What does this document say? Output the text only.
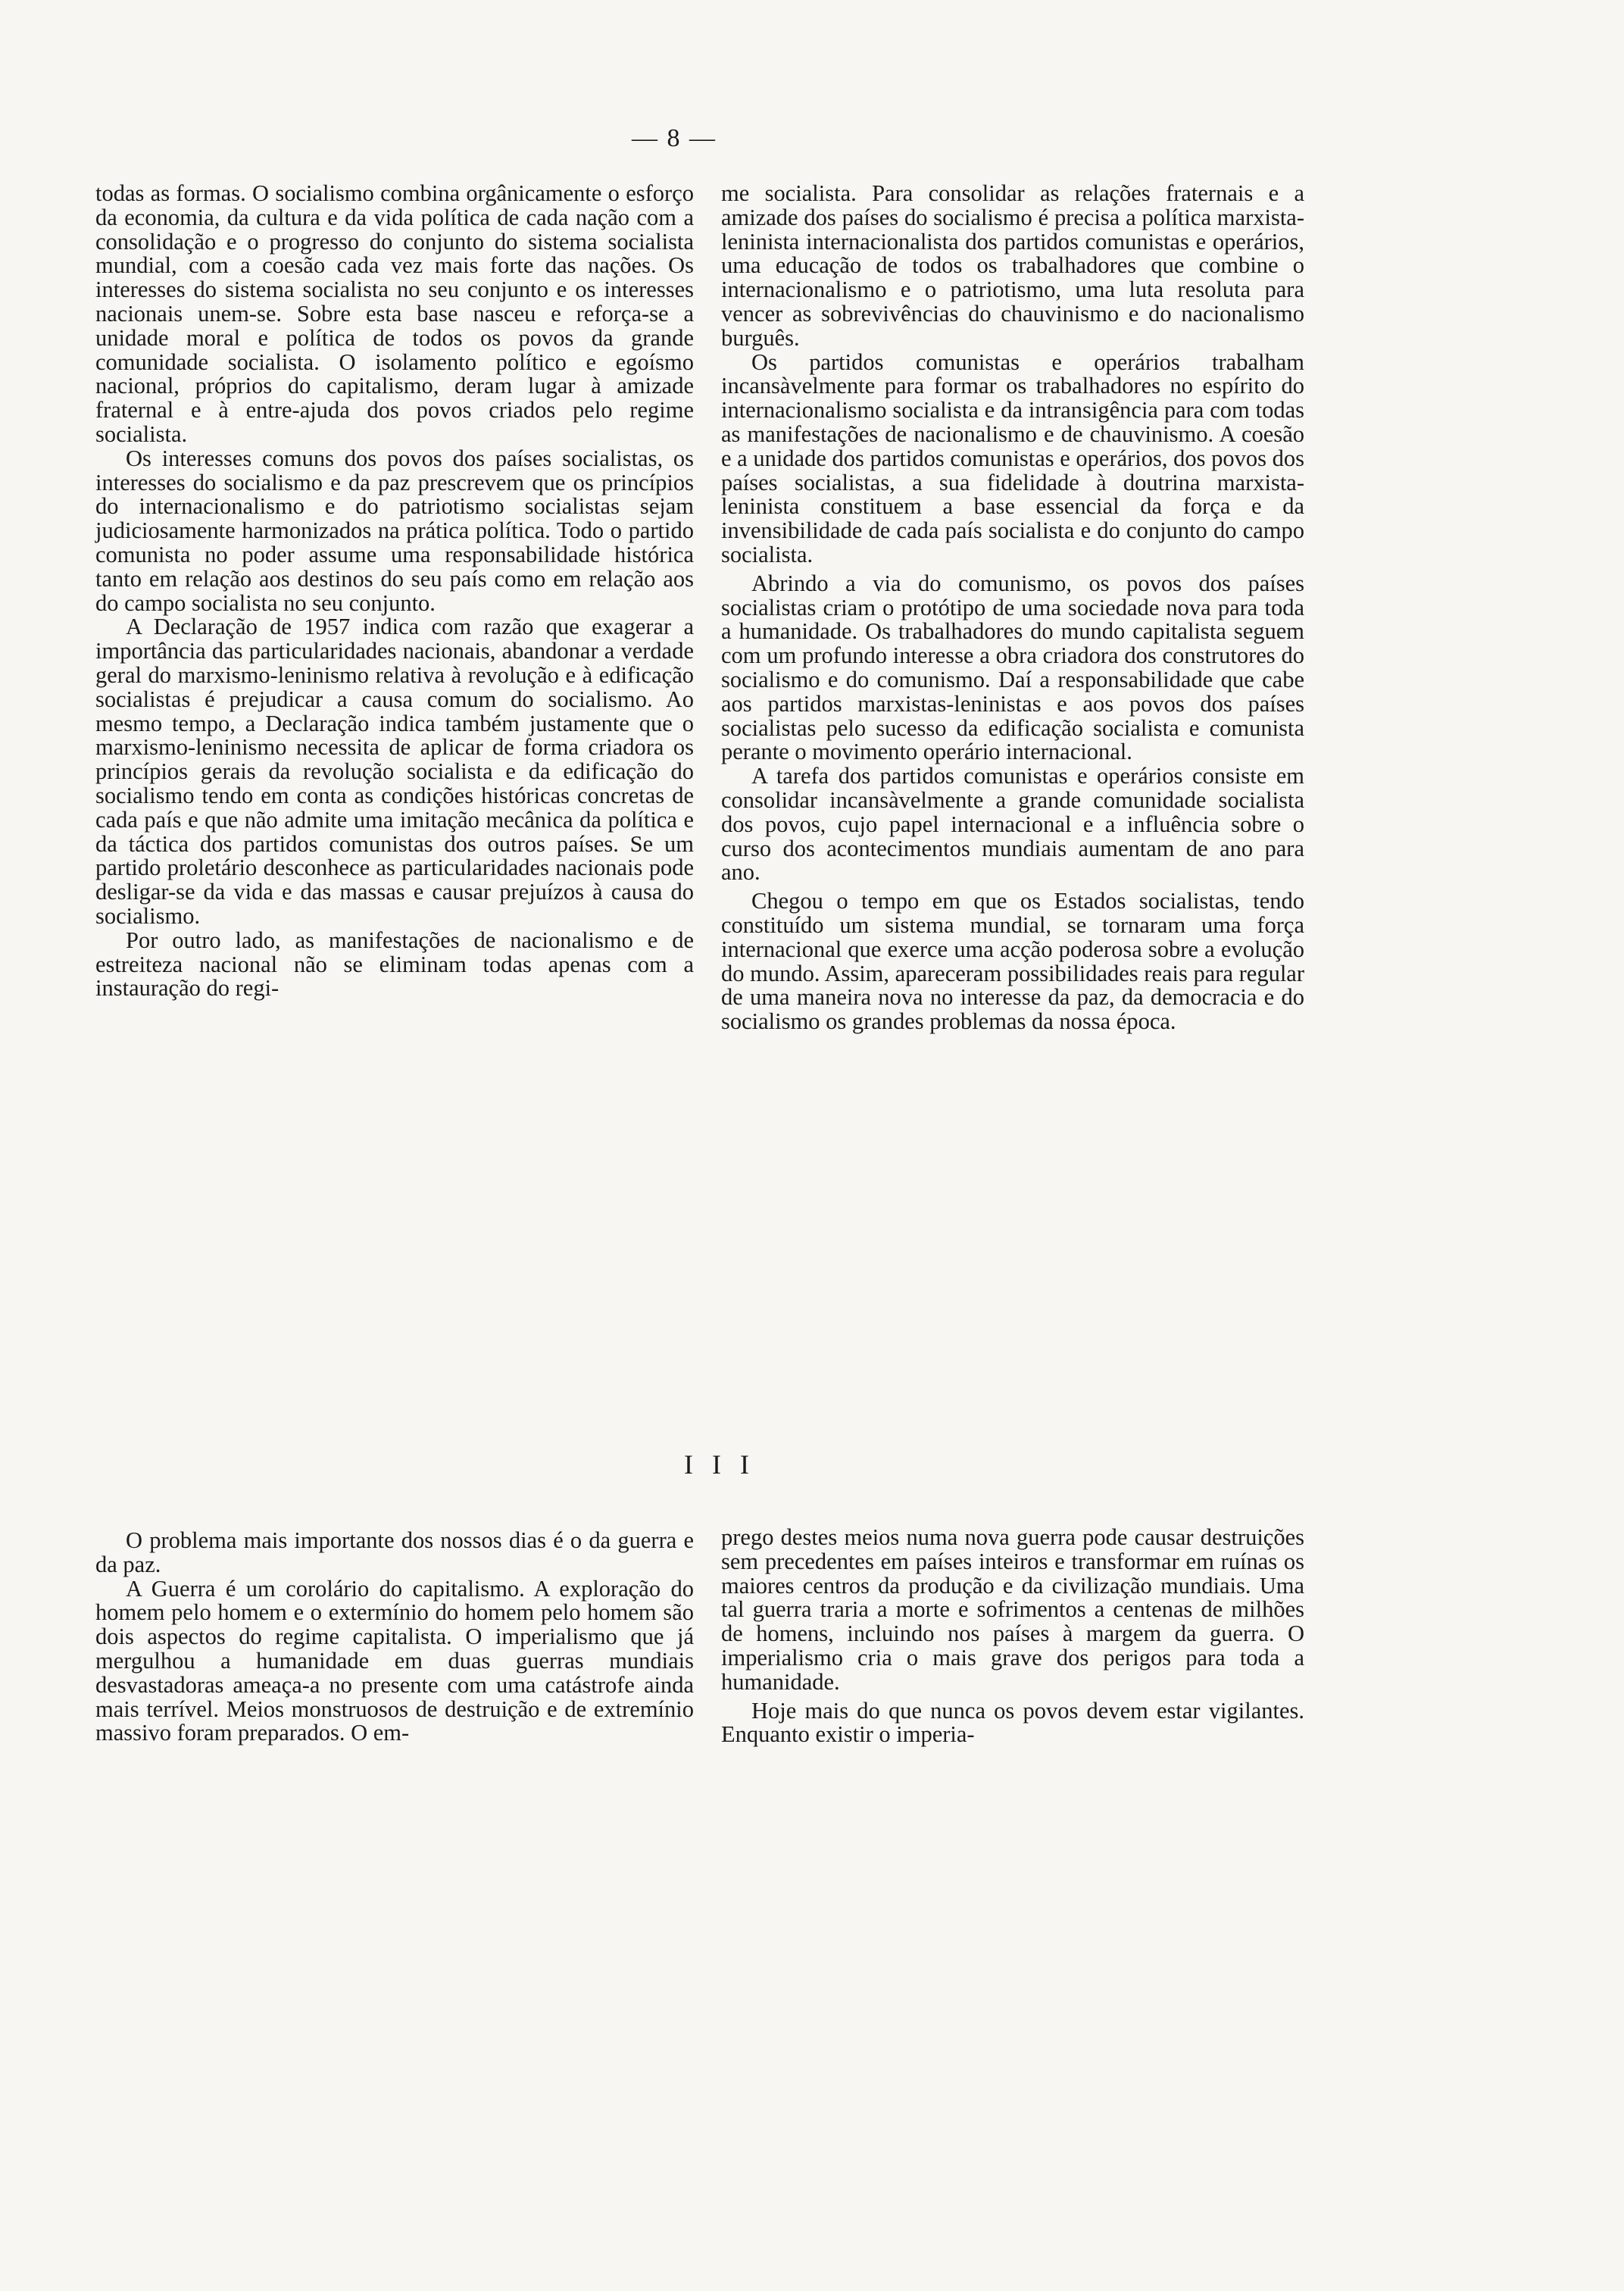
— 8 —

todas as formas. O socialismo combina orgânicamente o esforço da economia, da cultura e da vida política de cada nação com a consolidação e o progresso do conjunto do sistema socialista mundial, com a coesão cada vez mais forte das nações. Os interesses do sistema socialista no seu conjunto e os interesses nacionais unem-se. Sobre esta base nasceu e reforça-se a unidade moral e política de todos os povos da grande comunidade socialista. O isolamento político e egoísmo nacional, próprios do capitalismo, deram lugar à amizade fraternal e à entre-ajuda dos povos criados pelo regime socialista.

Os interesses comuns dos povos dos países socialistas, os interesses do socialismo e da paz prescrevem que os princípios do internacionalismo e do patriotismo socialistas sejam judiciosamente harmonizados na prática política. Todo o partido comunista no poder assume uma responsabilidade histórica tanto em relação aos destinos do seu país como em relação aos do campo socialista no seu conjunto.

A Declaração de 1957 indica com razão que exagerar a importância das particularidades nacionais, abandonar a verdade geral do marxismo-leninismo relativa à revolução e à edificação socialistas é prejudicar a causa comum do socialismo. Ao mesmo tempo, a Declaração indica também justamente que o marxismo-leninismo necessita de aplicar de forma criadora os princípios gerais da revolução socialista e da edificação do socialismo tendo em conta as condições históricas concretas de cada país e que não admite uma imitação mecânica da política e da táctica dos partidos comunistas dos outros países. Se um partido proletário desconhece as particularidades nacionais pode desligar-se da vida e das massas e causar prejuízos à causa do socialismo.

Por outro lado, as manifestações de nacionalismo e de estreiteza nacional não se eliminam todas apenas com a instauração do regi-

me socialista. Para consolidar as relações fraternais e a amizade dos países do socialismo é precisa a política marxista-leninista internacionalista dos partidos comunistas e operários, uma educação de todos os trabalhadores que combine o internacionalismo e o patriotismo, uma luta resoluta para vencer as sobrevivências do chauvinismo e do nacionalismo burguês.

Os partidos comunistas e operários trabalham incansàvelmente para formar os trabalhadores no espírito do internacionalismo socialista e da intransigência para com todas as manifestações de nacionalismo e de chauvinismo. A coesão e a unidade dos partidos comunistas e operários, dos povos dos países socialistas, a sua fidelidade à doutrina marxista-leninista constituem a base essencial da força e da invensibilidade de cada país socialista e do conjunto do campo socialista.

Abrindo a via do comunismo, os povos dos países socialistas criam o protótipo de uma sociedade nova para toda a humanidade. Os trabalhadores do mundo capitalista seguem com um profundo interesse a obra criadora dos construtores do socialismo e do comunismo. Daí a responsabilidade que cabe aos partidos marxistas-leninistas e aos povos dos países socialistas pelo sucesso da edificação socialista e comunista perante o movimento operário internacional.

A tarefa dos partidos comunistas e operários consiste em consolidar incansàvelmente a grande comunidade socialista dos povos, cujo papel internacional e a influência sobre o curso dos acontecimentos mundiais aumentam de ano para ano.

Chegou o tempo em que os Estados socialistas, tendo constituído um sistema mundial, se tornaram uma força internacional que exerce uma acção poderosa sobre a evolução do mundo. Assim, apareceram possibilidades reais para regular de uma maneira nova no interesse da paz, da democracia e do socialismo os grandes problemas da nossa época.

I I I

O problema mais importante dos nossos dias é o da guerra e da paz.

A Guerra é um corolário do capitalismo. A exploração do homem pelo homem e o extermínio do homem pelo homem são dois aspectos do regime capitalista. O imperialismo que já mergulhou a humanidade em duas guerras mundiais desvastadoras ameaça-a no presente com uma catástrofe ainda mais terrível. Meios monstruosos de destruição e de extremínio massivo foram preparados. O em-

prego destes meios numa nova guerra pode causar destruições sem precedentes em países inteiros e transformar em ruínas os maiores centros da produção e da civilização mundiais. Uma tal guerra traria a morte e sofrimentos a centenas de milhões de homens, incluindo nos países à margem da guerra. O imperialismo cria o mais grave dos perigos para toda a humanidade.

Hoje mais do que nunca os povos devem estar vigilantes. Enquanto existir o imperia-
